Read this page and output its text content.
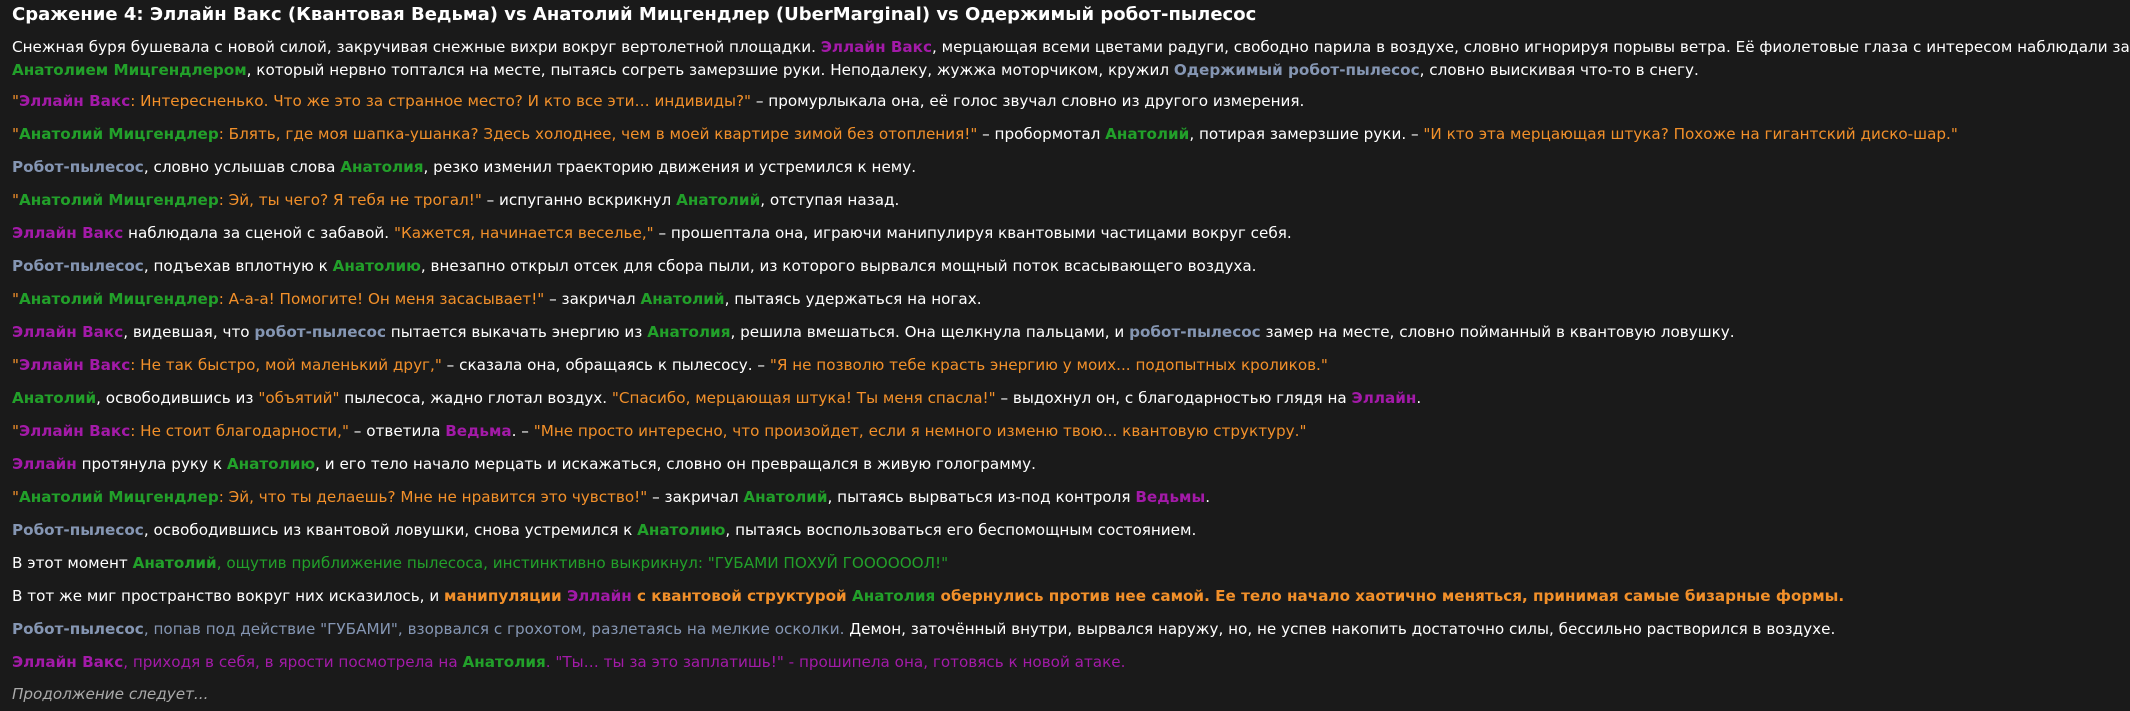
Сражение 4: Эллайн Вакс (Квантовая Ведьма) vs Анатолий Мицгендлер (UberMarginal) vs Одержимый робот-пылесос
Снежная буря бушевала с новой силой, закручивая снежные вихри вокруг вертолетной площадки. Эллайн Вакс, мерцающая всеми цветами радуги, свободно парила в воздухе, словно игнорируя порывы ветра. Её фиолетовые глаза с интересом наблюдали за
Анатолием Мицгендлером, который нервно топтался на месте, пытаясь согреть замерзшие руки. Неподалеку, жужжа моторчиком, кружил Одержимый робот-пылесос, словно выискивая что-то в снегу.
"Эллайн Вакс: Интересненько. Что же это за странное место? И кто все эти… индивиды?" – промурлыкала она, её голос звучал словно из другого измерения.
"Анатолий Мицгендлер: Блять, где моя шапка-ушанка? Здесь холоднее, чем в моей квартире зимой без отопления!" – пробормотал Анатолий, потирая замерзшие руки. – "И кто эта мерцающая штука? Похоже на гигантский диско-шар."
Робот-пылесос, словно услышав слова Анатолия, резко изменил траекторию движения и устремился к нему.
"Анатолий Мицгендлер: Эй, ты чего? Я тебя не трогал!" – испуганно вскрикнул Анатолий, отступая назад.
Эллайн Вакс наблюдала за сценой с забавой. "Кажется, начинается веселье," – прошептала она, играючи манипулируя квантовыми частицами вокруг себя.
Робот-пылесос, подъехав вплотную к Анатолию, внезапно открыл отсек для сбора пыли, из которого вырвался мощный поток всасывающего воздуха.
"Анатолий Мицгендлер: А-а-а! Помогите! Он меня засасывает!" – закричал Анатолий, пытаясь удержаться на ногах.
Эллайн Вакс, видевшая, что робот-пылесос пытается выкачать энергию из Анатолия, решила вмешаться. Она щелкнула пальцами, и робот-пылесос замер на месте, словно пойманный в квантовую ловушку.
"Эллайн Вакс: Не так быстро, мой маленький друг," – сказала она, обращаясь к пылесосу. – "Я не позволю тебе красть энергию у моих... подопытных кроликов."
Анатолий, освободившись из "объятий" пылесоса, жадно глотал воздух. "Спасибо, мерцающая штука! Ты меня спасла!" – выдохнул он, с благодарностью глядя на Эллайн.
"Эллайн Вакс: Не стоит благодарности," – ответила Ведьма. – "Мне просто интересно, что произойдет, если я немного изменю твою... квантовую структуру."
Эллайн протянула руку к Анатолию, и его тело начало мерцать и искажаться, словно он превращался в живую голограмму.
"Анатолий Мицгендлер: Эй, что ты делаешь? Мне не нравится это чувство!" – закричал Анатолий, пытаясь вырваться из-под контроля Ведьмы.
Робот-пылесос, освободившись из квантовой ловушки, снова устремился к Анатолию, пытаясь воспользоваться его беспомощным состоянием.
В этот момент Анатолий, ощутив приближение пылесоса, инстинктивно выкрикнул: "ГУБАМИ ПОХУЙ ГООООООЛ!"
В тот же миг пространство вокруг них исказилось, и манипуляции Эллайн с квантовой структурой Анатолия обернулись против нее самой. Ее тело начало хаотично меняться, принимая самые бизарные формы.
Робот-пылесос, попав под действие "ГУБАМИ", взорвался с грохотом, разлетаясь на мелкие осколки. Демон, заточённый внутри, вырвался наружу, но, не успев накопить достаточно силы, бессильно растворился в воздухе.
Эллайн Вакс, приходя в себя, в ярости посмотрела на Анатолия. "Ты… ты за это заплатишь!" - прошипела она, готовясь к новой атаке.
Продолжение следует...
